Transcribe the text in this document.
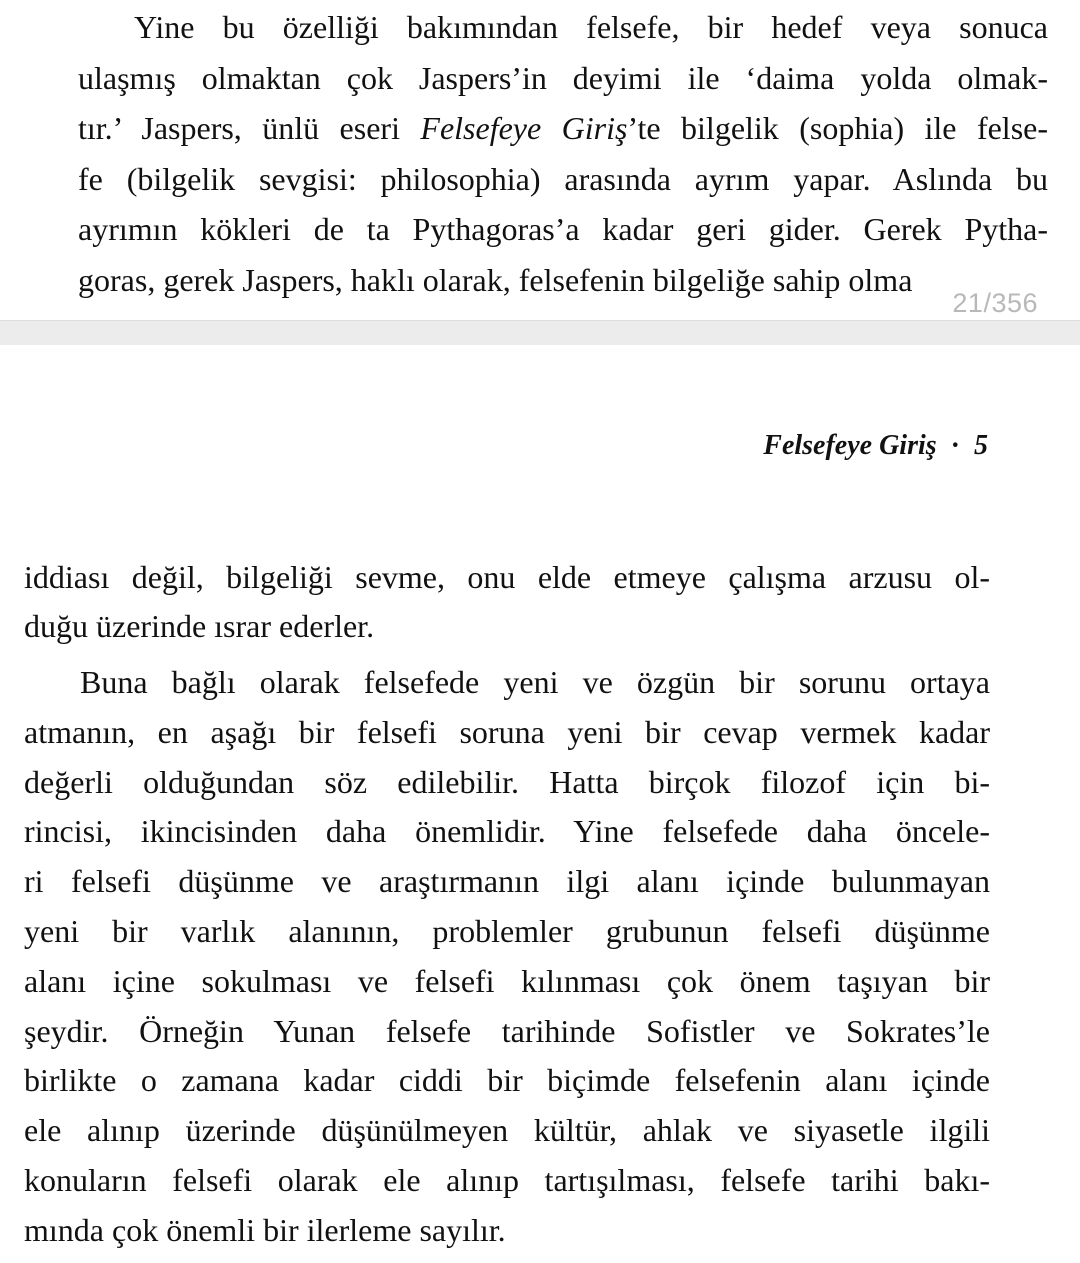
Yine bu özelliği bakımından felsefe, bir hedef veya sonuca
ulaşmış olmaktan çok Jaspers’in deyimi ile ‘daima yolda olmak-
tır.’ Jaspers, ünlü eseri Felsefeye Giriş’te bilgelik (sophia) ile felse-
fe (bilgelik sevgisi: philosophia) arasında ayrım yapar. Aslında bu
ayrımın kökleri de ta Pythagoras’a kadar geri gider. Gerek Pytha-
goras, gerek Jaspers, haklı olarak, felsefenin bilgeliğe sahip olma

21/356
Felsefeye Giriş · 5

iddiası değil, bilgeliği sevme, onu elde etmeye çalışma arzusu ol-
duğu üzerinde ısrar ederler.

Buna bağlı olarak felsefede yeni ve özgün bir sorunu ortaya
atmanın, en aşağı bir felsefi soruna yeni bir cevap vermek kadar
değerli olduğundan söz edilebilir. Hatta birçok filozof için bi-
rincisi, ikincisinden daha önemlidir. Yine felsefede daha öncele-
ri felsefi düşünme ve araştırmanın ilgi alanı içinde bulunmayan
yeni bir varlık alanının, problemler grubunun felsefi düşünme
alanı içine sokulması ve felsefi kılınması çok önem taşıyan bir
şeydir. Örneğin Yunan felsefe tarihinde Sofistler ve Sokrates’le
birlikte o zamana kadar ciddi bir biçimde felsefenin alanı içinde
ele alınıp üzerinde düşünülmeyen kültür, ahlak ve siyasetle ilgili
konuların felsefi olarak ele alınıp tartışılması, felsefe tarihi bakı-
mında çok önemli bir ilerleme sayılır.
